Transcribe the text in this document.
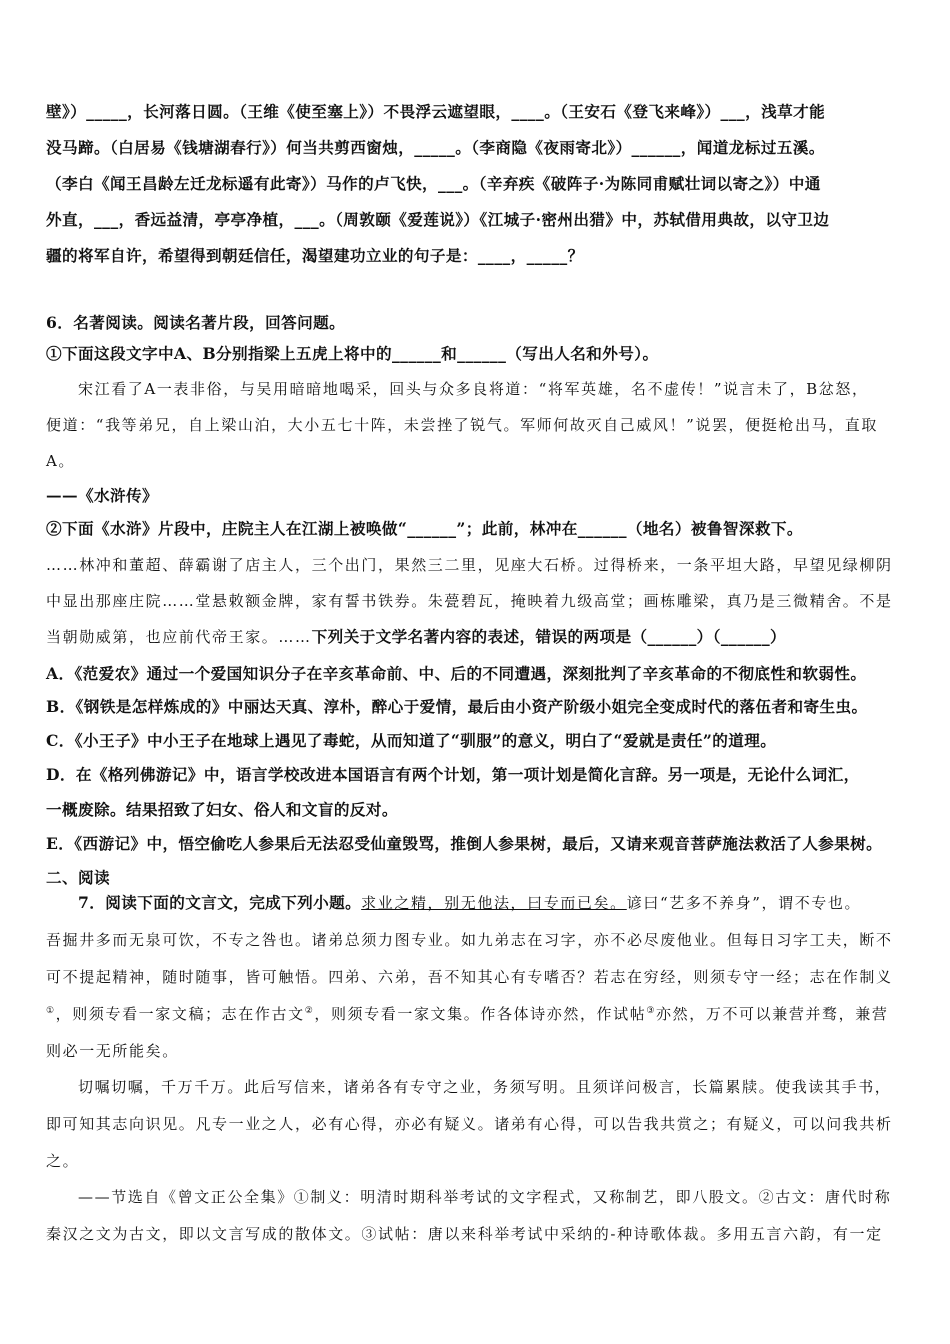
壁》）_____，长河落日圆。（王维《使至塞上》）不畏浮云遮望眼，____。（王安石《登飞来峰》）___，浅草才能
没马蹄。（白居易《钱塘湖春行》）何当共剪西窗烛，_____。（李商隐《夜雨寄北》）______，闻道龙标过五溪。
（李白《闻王昌龄左迁龙标遥有此寄》）马作的卢飞快，___。（辛弃疾《破阵子·为陈同甫赋壮词以寄之》）中通
外直，___，香远益清，亭亭净植，___。（周敦颐《爱莲说》）《江城子·密州出猎》中，苏轼借用典故，以守卫边
疆的将军自许，希望得到朝廷信任，渴望建功立业的句子是：____，_____？
6．名著阅读。阅读名著片段，回答问题。
①下面这段文字中A、B分别指梁上五虎上将中的______和______（写出人名和外号）。
宋江看了A一表非俗，与吴用暗暗地喝采，回头与众多良将道：“将军英雄，名不虚传！”说言未了，B忿怒，
便道：“我等弟兄，自上梁山泊，大小五七十阵，未尝挫了锐气。军师何故灭自己威风！”说罢，便挺枪出马，直取
A。
——《水浒传》
②下面《水浒》片段中，庄院主人在江湖上被唤做“______”；此前，林冲在______（地名）被鲁智深救下。
……林冲和董超、薛霸谢了店主人，三个出门，果然三二里，见座大石桥。过得桥来，一条平坦大路，早望见绿柳阴
中显出那座庄院……堂悬敕额金牌，家有誓书铁券。朱甍碧瓦，掩映着九级高堂；画栋雕梁，真乃是三微精舍。不是
当朝勋威第，也应前代帝王家。……下列关于文学名著内容的表述，错误的两项是（______）（______）
A．《范爱农》通过一个爱国知识分子在辛亥革命前、中、后的不同遭遇，深刻批判了辛亥革命的不彻底性和软弱性。
B．《钢铁是怎样炼成的》中丽达天真、淳朴，醉心于爱情，最后由小资产阶级小姐完全变成时代的落伍者和寄生虫。
C．《小王子》中小王子在地球上遇见了毒蛇，从而知道了“驯服”的意义，明白了“爱就是责任”的道理。
D．在《格列佛游记》中，语言学校改进本国语言有两个计划，第一项计划是简化言辞。另一项是，无论什么词汇，
一概废除。结果招致了妇女、俗人和文盲的反对。
E．《西游记》中，悟空偷吃人参果后无法忍受仙童毁骂，推倒人参果树，最后，又请来观音菩萨施法救活了人参果树。
二、阅读
7．阅读下面的文言文，完成下列小题。求业之精，别无他法，曰专而已矣。谚曰“艺多不养身”，谓不专也。
吾掘井多而无泉可饮，不专之咎也。诸弟总须力图专业。如九弟志在习字，亦不必尽废他业。但每日习字工夫，断不
可不提起精神，随时随事，皆可触悟。四弟、六弟，吾不知其心有专嗜否？若志在穷经，则须专守一经；志在作制义
①，则须专看一家文稿；志在作古文②，则须专看一家文集。作各体诗亦然，作试帖③亦然，万不可以兼营并骛，兼营
则必一无所能矣。
切嘱切嘱，千万千万。此后写信来，诸弟各有专守之业，务须写明。且须详问极言，长篇累牍。使我读其手书，
即可知其志向识见。凡专一业之人，必有心得，亦必有疑义。诸弟有心得，可以告我共赏之；有疑义，可以问我共析
之。
——节选自《曾文正公全集》①制义：明清时期科举考试的文字程式，又称制艺，即八股文。②古文：唐代时称
秦汉之文为古文，即以文言写成的散体文。③试帖：唐以来科举考试中采纳的-种诗歌体裁。多用五言六韵，有一定
